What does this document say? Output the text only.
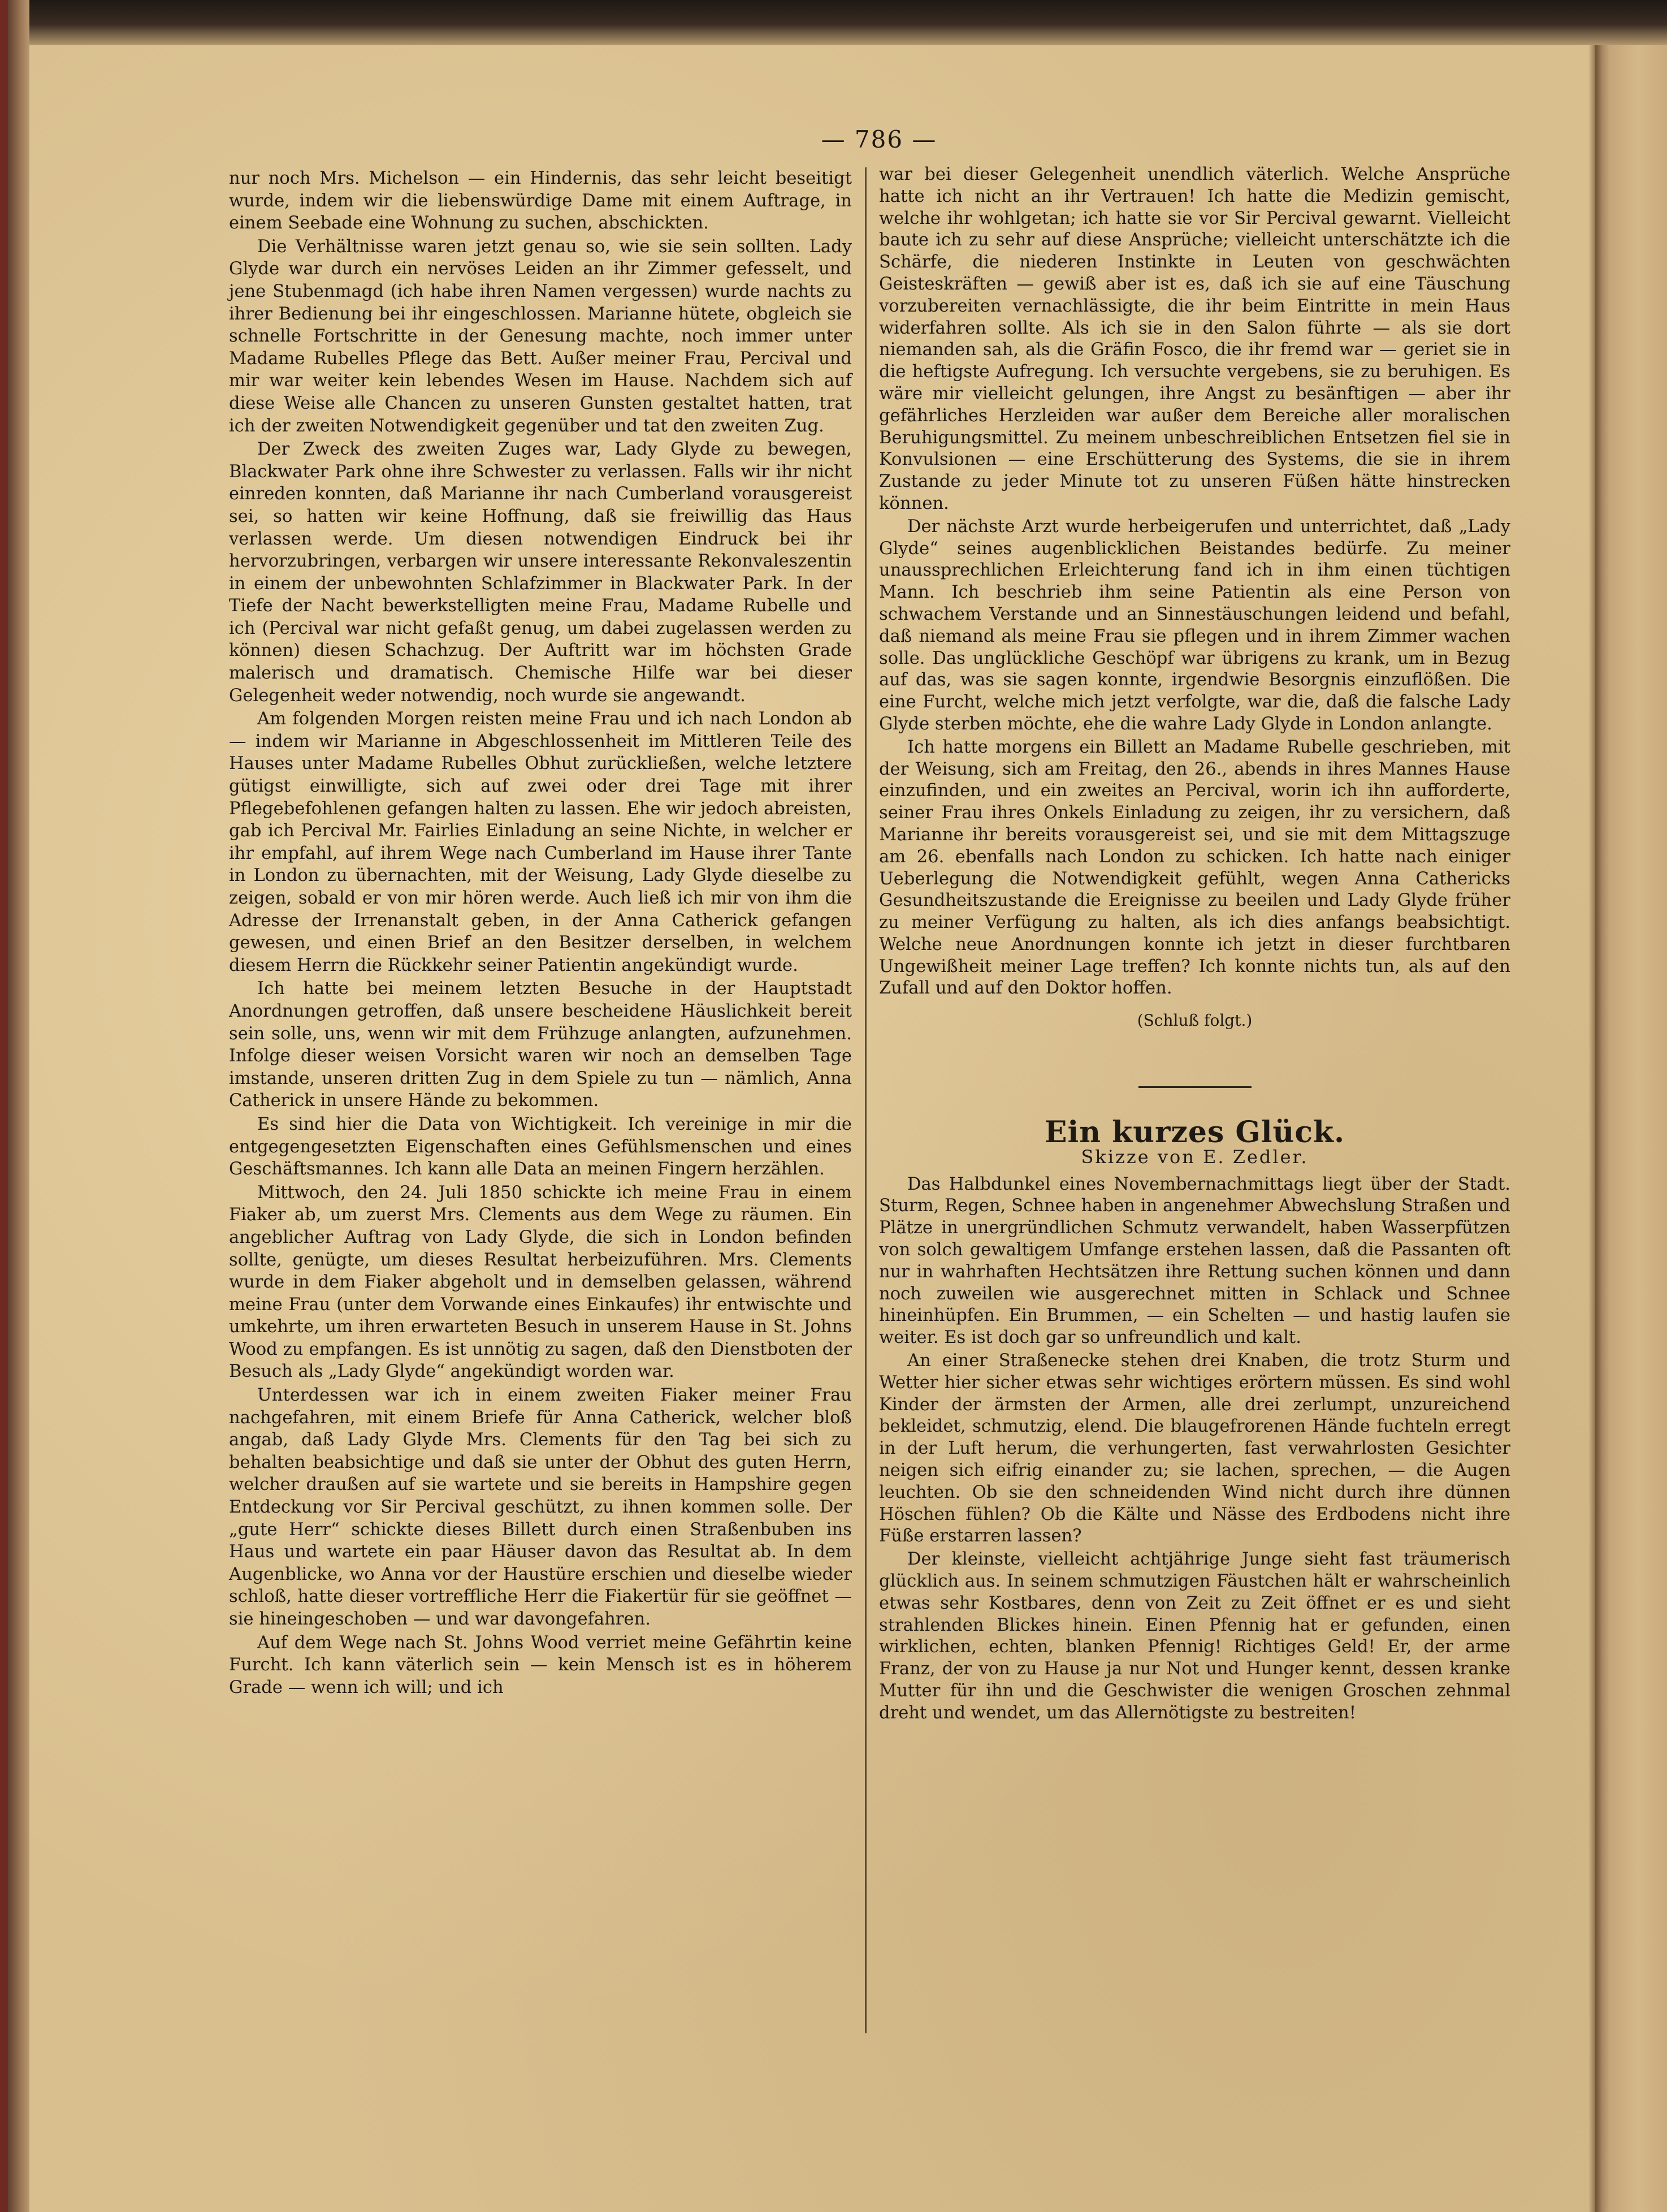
— 786 —

nur noch Mrs. Michelson — ein Hindernis, das sehr leicht beseitigt wurde, indem wir die liebenswürdige Dame mit einem Auftrage, in einem Seebade eine Wohnung zu suchen, abschickten.

Die Verhältnisse waren jetzt genau so, wie sie sein sollten. Lady Glyde war durch ein nervöses Leiden an ihr Zimmer gefesselt, und jene Stubenmagd (ich habe ihren Namen vergessen) wurde nachts zu ihrer Bedienung bei ihr eingeschlossen. Marianne hütete, obgleich sie schnelle Fortschritte in der Genesung machte, noch immer unter Madame Rubelles Pflege das Bett. Außer meiner Frau, Percival und mir war weiter kein lebendes Wesen im Hause. Nachdem sich auf diese Weise alle Chancen zu unseren Gunsten gestaltet hatten, trat ich der zweiten Notwendigkeit gegenüber und tat den zweiten Zug.

Der Zweck des zweiten Zuges war, Lady Glyde zu bewegen, Blackwater Park ohne ihre Schwester zu verlassen. Falls wir ihr nicht einreden konnten, daß Marianne ihr nach Cumberland vorausgereist sei, so hatten wir keine Hoffnung, daß sie freiwillig das Haus verlassen werde. Um diesen notwendigen Eindruck bei ihr hervorzubringen, verbargen wir unsere interessante Rekonvaleszentin in einem der unbewohnten Schlafzimmer in Blackwater Park. In der Tiefe der Nacht bewerkstelligten meine Frau, Madame Rubelle und ich (Percival war nicht gefaßt genug, um dabei zugelassen werden zu können) diesen Schachzug. Der Auftritt war im höchsten Grade malerisch und dramatisch. Chemische Hilfe war bei dieser Gelegenheit weder notwendig, noch wurde sie angewandt.

Am folgenden Morgen reisten meine Frau und ich nach London ab — indem wir Marianne in Abgeschlossenheit im Mittleren Teile des Hauses unter Madame Rubelles Obhut zurückließen, welche letztere gütigst einwilligte, sich auf zwei oder drei Tage mit ihrer Pflegebefohlenen gefangen halten zu lassen. Ehe wir jedoch abreisten, gab ich Percival Mr. Fairlies Einladung an seine Nichte, in welcher er ihr empfahl, auf ihrem Wege nach Cumberland im Hause ihrer Tante in London zu übernachten, mit der Weisung, Lady Glyde dieselbe zu zeigen, sobald er von mir hören werde. Auch ließ ich mir von ihm die Adresse der Irrenanstalt geben, in der Anna Catherick gefangen gewesen, und einen Brief an den Besitzer derselben, in welchem diesem Herrn die Rückkehr seiner Patientin angekündigt wurde.

Ich hatte bei meinem letzten Besuche in der Hauptstadt Anordnungen getroffen, daß unsere bescheidene Häuslichkeit bereit sein solle, uns, wenn wir mit dem Frühzuge anlangten, aufzunehmen. Infolge dieser weisen Vorsicht waren wir noch an demselben Tage imstande, unseren dritten Zug in dem Spiele zu tun — nämlich, Anna Catherick in unsere Hände zu bekommen.

Es sind hier die Data von Wichtigkeit. Ich vereinige in mir die entgegengesetzten Eigenschaften eines Gefühlsmenschen und eines Geschäftsmannes. Ich kann alle Data an meinen Fingern herzählen.

Mittwoch, den 24. Juli 1850 schickte ich meine Frau in einem Fiaker ab, um zuerst Mrs. Clements aus dem Wege zu räumen. Ein angeblicher Auftrag von Lady Glyde, die sich in London befinden sollte, genügte, um dieses Resultat herbeizuführen. Mrs. Clements wurde in dem Fiaker abgeholt und in demselben gelassen, während meine Frau (unter dem Vorwande eines Einkaufes) ihr entwischte und umkehrte, um ihren erwarteten Besuch in unserem Hause in St. Johns Wood zu empfangen. Es ist unnötig zu sagen, daß den Dienstboten der Besuch als „Lady Glyde“ angekündigt worden war.

Unterdessen war ich in einem zweiten Fiaker meiner Frau nachgefahren, mit einem Briefe für Anna Catherick, welcher bloß angab, daß Lady Glyde Mrs. Clements für den Tag bei sich zu behalten beabsichtige und daß sie unter der Obhut des guten Herrn, welcher draußen auf sie wartete und sie bereits in Hampshire gegen Entdeckung vor Sir Percival geschützt, zu ihnen kommen solle. Der „gute Herr“ schickte dieses Billett durch einen Straßenbuben ins Haus und wartete ein paar Häuser davon das Resultat ab. In dem Augenblicke, wo Anna vor der Haustüre erschien und dieselbe wieder schloß, hatte dieser vortreffliche Herr die Fiakertür für sie geöffnet — sie hineingeschoben — und war davongefahren.

Auf dem Wege nach St. Johns Wood verriet meine Gefährtin keine Furcht. Ich kann väterlich sein — kein Mensch ist es in höherem Grade — wenn ich will; und ich

war bei dieser Gelegenheit unendlich väterlich. Welche Ansprüche hatte ich nicht an ihr Vertrauen! Ich hatte die Medizin gemischt, welche ihr wohlgetan; ich hatte sie vor Sir Percival gewarnt. Vielleicht baute ich zu sehr auf diese Ansprüche; vielleicht unterschätzte ich die Schärfe, die niederen Instinkte in Leuten von geschwächten Geisteskräften — gewiß aber ist es, daß ich sie auf eine Täuschung vorzubereiten vernachlässigte, die ihr beim Eintritte in mein Haus widerfahren sollte. Als ich sie in den Salon führte — als sie dort niemanden sah, als die Gräfin Fosco, die ihr fremd war — geriet sie in die heftigste Aufregung. Ich versuchte vergebens, sie zu beruhigen. Es wäre mir vielleicht gelungen, ihre Angst zu besänftigen — aber ihr gefährliches Herzleiden war außer dem Bereiche aller moralischen Beruhigungsmittel. Zu meinem unbeschreiblichen Entsetzen fiel sie in Konvulsionen — eine Erschütterung des Systems, die sie in ihrem Zustande zu jeder Minute tot zu unseren Füßen hätte hinstrecken können.

Der nächste Arzt wurde herbeigerufen und unterrichtet, daß „Lady Glyde“ seines augenblicklichen Beistandes bedürfe. Zu meiner unaussprechlichen Erleichterung fand ich in ihm einen tüchtigen Mann. Ich beschrieb ihm seine Patientin als eine Person von schwachem Verstande und an Sinnestäuschungen leidend und befahl, daß niemand als meine Frau sie pflegen und in ihrem Zimmer wachen solle. Das unglückliche Geschöpf war übrigens zu krank, um in Bezug auf das, was sie sagen konnte, irgendwie Besorgnis einzuflößen. Die eine Furcht, welche mich jetzt verfolgte, war die, daß die falsche Lady Glyde sterben möchte, ehe die wahre Lady Glyde in London anlangte.

Ich hatte morgens ein Billett an Madame Rubelle geschrieben, mit der Weisung, sich am Freitag, den 26., abends in ihres Mannes Hause einzufinden, und ein zweites an Percival, worin ich ihn aufforderte, seiner Frau ihres Onkels Einladung zu zeigen, ihr zu versichern, daß Marianne ihr bereits vorausgereist sei, und sie mit dem Mittagszuge am 26. ebenfalls nach London zu schicken. Ich hatte nach einiger Ueberlegung die Notwendigkeit gefühlt, wegen Anna Cathericks Gesundheitszustande die Ereignisse zu beeilen und Lady Glyde früher zu meiner Verfügung zu halten, als ich dies anfangs beabsichtigt. Welche neue Anordnungen konnte ich jetzt in dieser furchtbaren Ungewißheit meiner Lage treffen? Ich konnte nichts tun, als auf den Zufall und auf den Doktor hoffen.

(Schluß folgt.)
Ein kurzes Glück.
Skizze von E. Zedler.

Das Halbdunkel eines Novembernachmittags liegt über der Stadt. Sturm, Regen, Schnee haben in angenehmer Abwechslung Straßen und Plätze in unergründlichen Schmutz verwandelt, haben Wasserpfützen von solch gewaltigem Umfange erstehen lassen, daß die Passanten oft nur in wahrhaften Hechtsätzen ihre Rettung suchen können und dann noch zuweilen wie ausgerechnet mitten in Schlack und Schnee hineinhüpfen. Ein Brummen, — ein Schelten — und hastig laufen sie weiter. Es ist doch gar so unfreundlich und kalt.

An einer Straßenecke stehen drei Knaben, die trotz Sturm und Wetter hier sicher etwas sehr wichtiges erörtern müssen. Es sind wohl Kinder der ärmsten der Armen, alle drei zerlumpt, unzureichend bekleidet, schmutzig, elend. Die blaugefrorenen Hände fuchteln erregt in der Luft herum, die verhungerten, fast verwahrlosten Gesichter neigen sich eifrig einander zu; sie lachen, sprechen, — die Augen leuchten. Ob sie den schneidenden Wind nicht durch ihre dünnen Höschen fühlen? Ob die Kälte und Nässe des Erdbodens nicht ihre Füße erstarren lassen?

Der kleinste, vielleicht achtjährige Junge sieht fast träumerisch glücklich aus. In seinem schmutzigen Fäustchen hält er wahrscheinlich etwas sehr Kostbares, denn von Zeit zu Zeit öffnet er es und sieht strahlenden Blickes hinein. Einen Pfennig hat er gefunden, einen wirklichen, echten, blanken Pfennig! Richtiges Geld! Er, der arme Franz, der von zu Hause ja nur Not und Hunger kennt, dessen kranke Mutter für ihn und die Geschwister die wenigen Groschen zehnmal dreht und wendet, um das Allernötigste zu bestreiten!
